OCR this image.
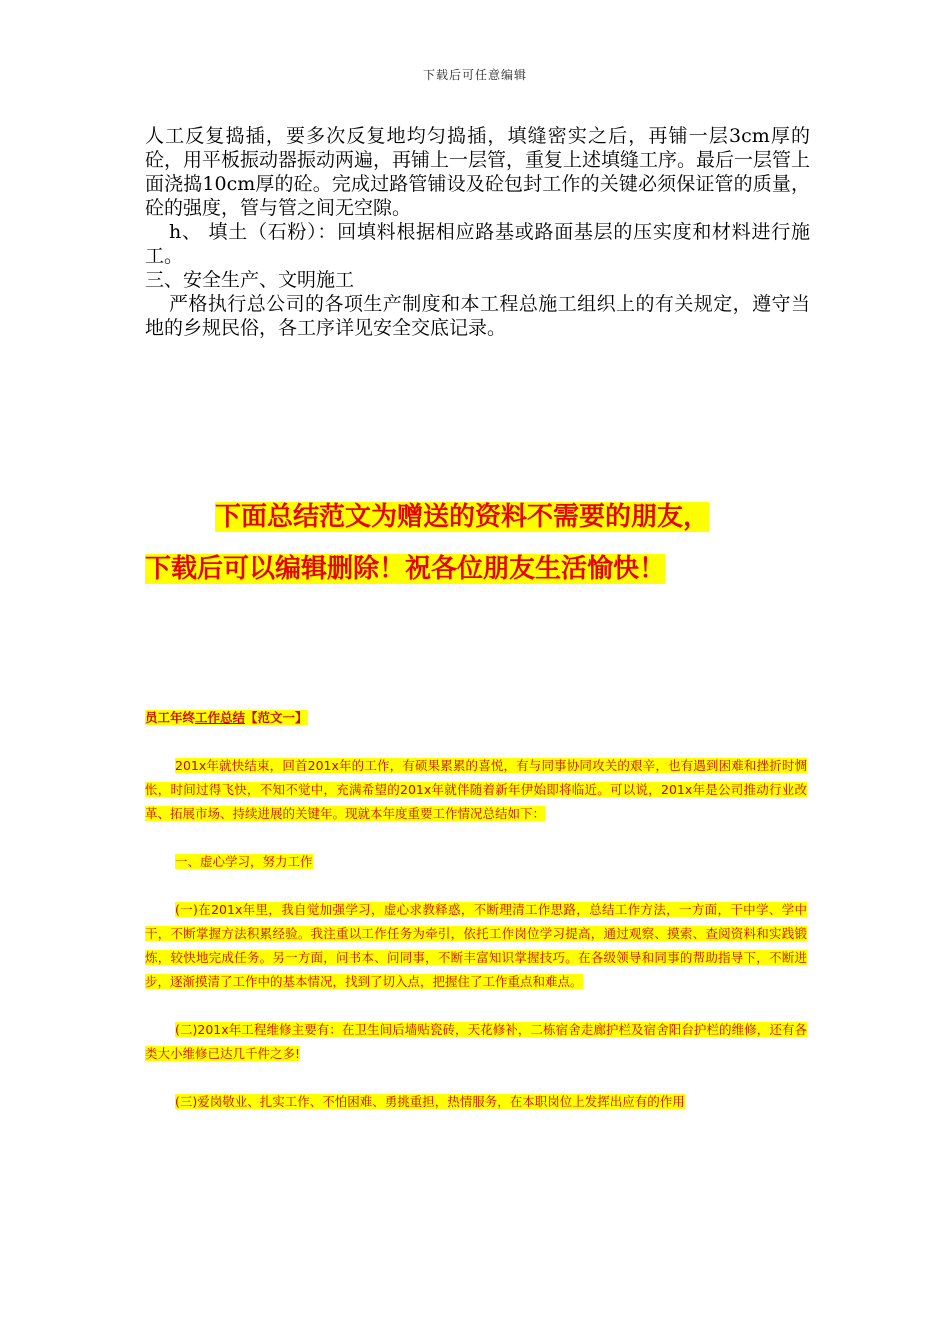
下载后可任意编辑

人工反复捣插，要多次反复地均匀捣插，填缝密实之后，再铺一层3cm厚的砼，用平板振动器振动两遍，再铺上一层管，重复上述填缝工序。最后一层管上面浇捣10cm厚的砼。完成过路管铺设及砼包封工作的关键必须保证管的质量，砼的强度，管与管之间无空隙。

h、 填土（石粉）：回填料根据相应路基或路面基层的压实度和材料进行施工。

三、安全生产、文明施工

严格执行总公司的各项生产制度和本工程总施工组织上的有关规定，遵守当地的乡规民俗，各工序详见安全交底记录。

下面总结范文为赠送的资料不需要的朋友，

下载后可以编辑删除！祝各位朋友生活愉快！

员工年终工作总结【范文一】

201x年就快结束，回首201x年的工作，有硕果累累的喜悦，有与同事协同攻关的艰辛，也有遇到困难和挫折时惆怅，时间过得飞快，不知不觉中，充满希望的201x年就伴随着新年伊始即将临近。可以说，201x年是公司推动行业改革、拓展市场、持续进展的关键年。现就本年度重要工作情况总结如下：

一、虚心学习，努力工作

(一)在201x年里，我自觉加强学习，虚心求教释惑，不断理清工作思路，总结工作方法，一方面，干中学、学中干，不断掌握方法积累经验。我注重以工作任务为牵引，依托工作岗位学习提高，通过观察、摸索、查阅资料和实践锻炼，较快地完成任务。另一方面，问书本、问同事，不断丰富知识掌握技巧。在各级领导和同事的帮助指导下，不断进步，逐渐摸清了工作中的基本情况，找到了切入点，把握住了工作重点和难点。

(二)201x年工程维修主要有：在卫生间后墙贴瓷砖，天花修补，二栋宿舍走廊护栏及宿舍阳台护栏的维修，还有各类大小维修已达几千件之多!

(三)爱岗敬业、扎实工作、不怕困难、勇挑重担，热情服务，在本职岗位上发挥出应有的作用
